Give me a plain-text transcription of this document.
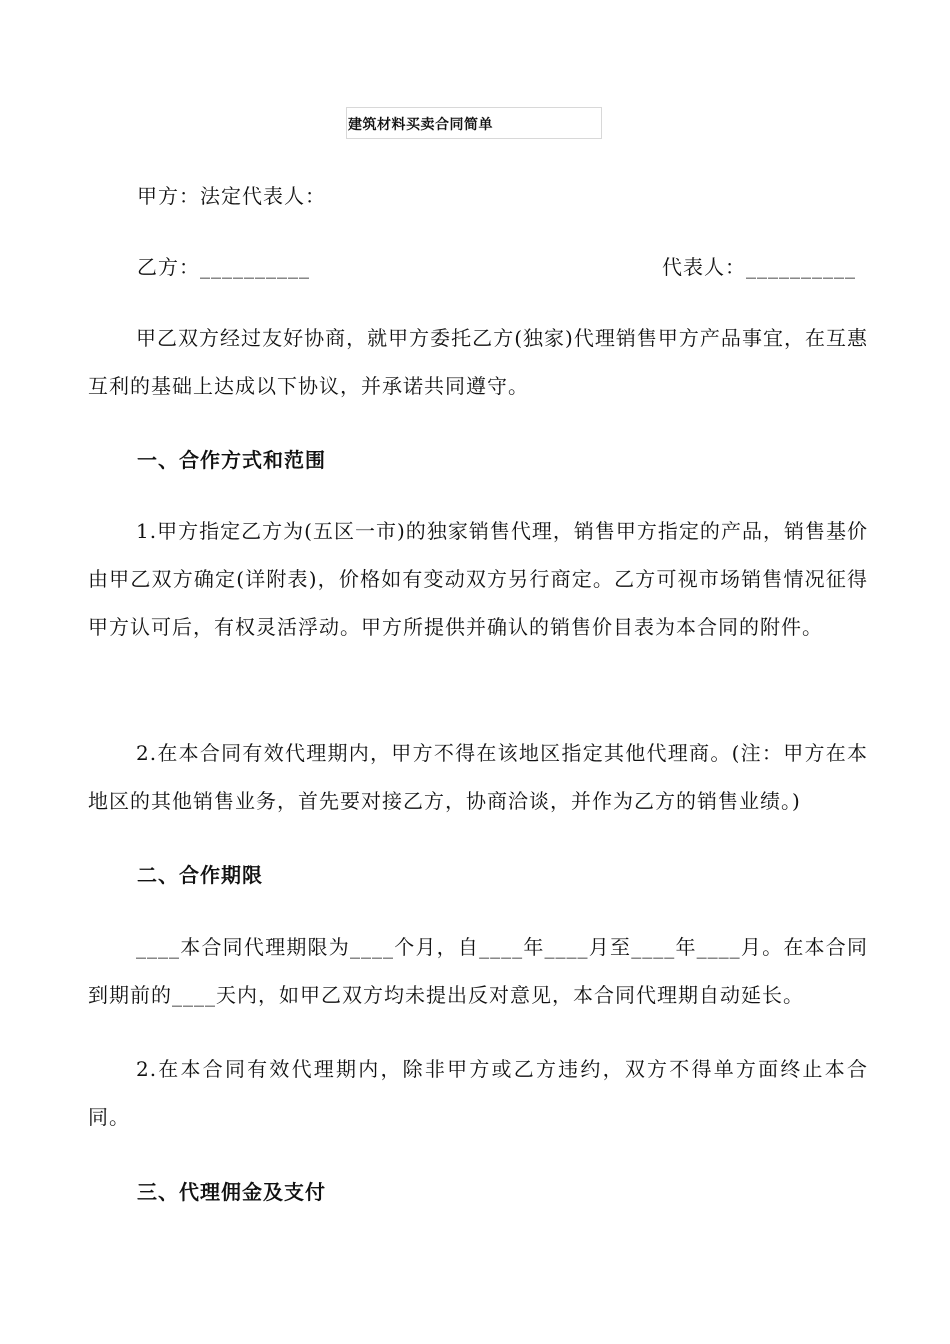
建筑材料买卖合同简单
甲方：法定代表人：
乙方：__________	代表人：__________

甲乙双方经过友好协商，就甲方委托乙方(独家)代理销售甲方产品事宜，在互惠互利的基础上达成以下协议，并承诺共同遵守。

一、合作方式和范围

1.甲方指定乙方为(五区一市)的独家销售代理，销售甲方指定的产品，销售基价由甲乙双方确定(详附表)，价格如有变动双方另行商定。乙方可视市场销售情况征得甲方认可后，有权灵活浮动。甲方所提供并确认的销售价目表为本合同的附件。

2.在本合同有效代理期内，甲方不得在该地区指定其他代理商。(注：甲方在本地区的其他销售业务，首先要对接乙方，协商洽谈，并作为乙方的销售业绩。)

二、合作期限

____本合同代理期限为____个月，自____年____月至____年____月。在本合同到期前的____天内，如甲乙双方均未提出反对意见，本合同代理期自动延长。

2.在本合同有效代理期内，除非甲方或乙方违约，双方不得单方面终止本合同。

三、代理佣金及支付
